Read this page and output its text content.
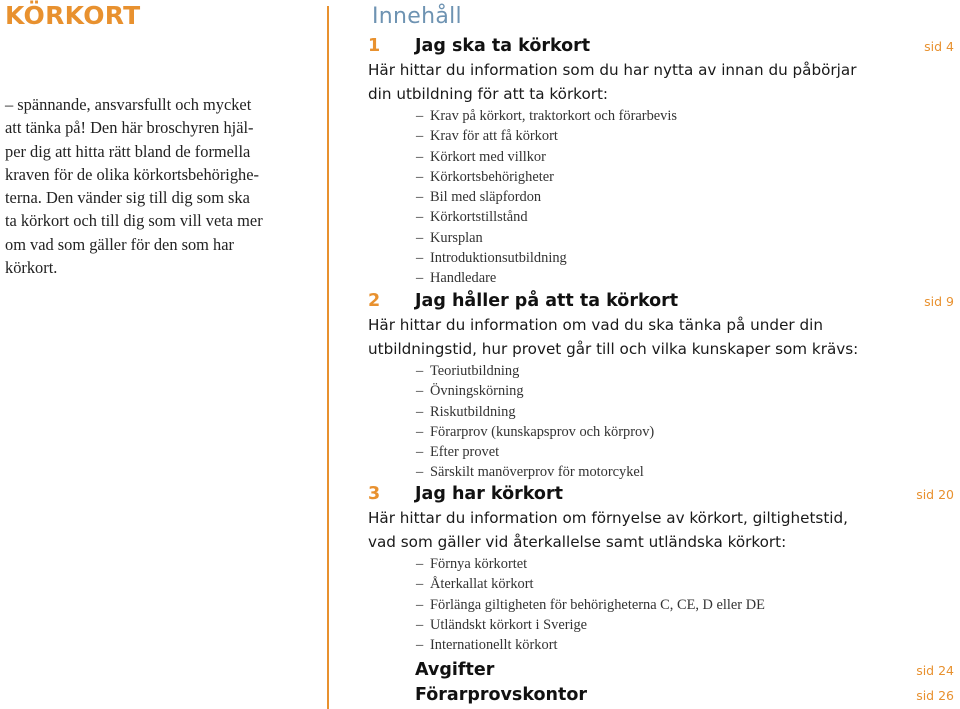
KÖRKORT
– spännande, ansvarsfullt och mycket
att tänka på! Den här broschyren hjäl-
per dig att hitta rätt bland de formella
kraven för de olika körkortsbehörighe-
terna. Den vänder sig till dig som ska
ta körkort och till dig som vill veta mer
om vad som gäller för den som har
körkort.
Innehåll
1 Jag ska ta körkort	sid 4
Här hittar du information som du har nytta av innan du påbörjar
din utbildning för att ta körkort:
– Krav på körkort, traktorkort och förarbevis
– Krav för att få körkort
– Körkort med villkor
– Körkortsbehörigheter
– Bil med släpfordon
– Körkortstillstånd
– Kursplan
– Introduktionsutbildning
– Handledare
2 Jag håller på att ta körkort	sid 9
Här hittar du information om vad du ska tänka på under din
utbildningstid, hur provet går till och vilka kunskaper som krävs:
– Teoriutbildning
– Övningskörning
– Riskutbildning
– Förarprov (kunskapsprov och körprov)
– Efter provet
– Särskilt manöverprov för motorcykel
3 Jag har körkort	sid 20
Här hittar du information om förnyelse av körkort, giltighetstid,
vad som gäller vid återkallelse samt utländska körkort:
– Förnya körkortet
– Återkallat körkort
– Förlänga giltigheten för behörigheterna C, CE, D eller DE
– Utländskt körkort i Sverige
– Internationellt körkort
Avgifter	sid 24
Förarprovskontor	sid 26
